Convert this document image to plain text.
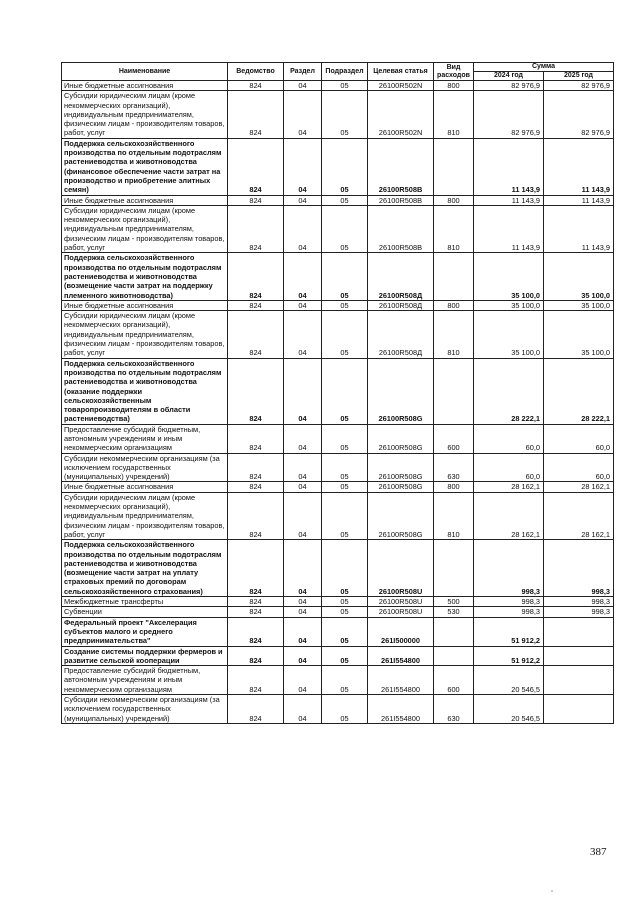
Наименование	Ведомство	Раздел	Подраздел	Целевая статья	Вид расходов	Сумма	
						2024 год	2025 год
Иные бюджетные ассигнования	824	04	05	26100R502N	800	82 976,9	82 976,9
Субсидии юридическим лицам (кроме некоммерческих организаций), индивидуальным предпринимателям, физическим лицам - производителям товаров, работ, услуг	824	04	05	26100R502N	810	82 976,9	82 976,9
Поддержка сельскохозяйственного производства по отдельным подотраслям растениеводства и животноводства (финансовое обеспечение части затрат на производство и приобретение элитных семян)	824	04	05	26100R508B		11 143,9	11 143,9
Иные бюджетные ассигнования	824	04	05	26100R508B	800	11 143,9	11 143,9
Субсидии юридическим лицам (кроме некоммерческих организаций), индивидуальным предпринимателям, физическим лицам - производителям товаров, работ, услуг	824	04	05	26100R508B	810	11 143,9	11 143,9
Поддержка сельскохозяйственного производства по отдельным подотраслям растениеводства и животноводства (возмещение части затрат на поддержку племенного животноводства)	824	04	05	26100R508Д		35 100,0	35 100,0
Иные бюджетные ассигнования	824	04	05	26100R508Д	800	35 100,0	35 100,0
Субсидии юридическим лицам (кроме некоммерческих организаций), индивидуальным предпринимателям, физическим лицам - производителям товаров, работ, услуг	824	04	05	26100R508Д	810	35 100,0	35 100,0
Поддержка сельскохозяйственного производства по отдельным подотраслям растениеводства и животноводства (оказание поддержки сельскохозяйственным товаропроизводителям в области растениеводства)	824	04	05	26100R508G		28 222,1	28 222,1
Предоставление субсидий бюджетным, автономным учреждениям и иным некоммерческим организациям	824	04	05	26100R508G	600	60,0	60,0
Субсидии некоммерческим организациям (за исключением государственных (муниципальных) учреждений)	824	04	05	26100R508G	630	60,0	60,0
Иные бюджетные ассигнования	824	04	05	26100R508G	800	28 162,1	28 162,1
Субсидии юридическим лицам (кроме некоммерческих организаций), индивидуальным предпринимателям, физическим лицам - производителям товаров, работ, услуг	824	04	05	26100R508G	810	28 162,1	28 162,1
Поддержка сельскохозяйственного производства по отдельным подотраслям растениеводства и животноводства (возмещение части затрат на уплату страховых премий по договорам сельскохозяйственного страхования)	824	04	05	26100R508U		998,3	998,3
Межбюджетные трансферты	824	04	05	26100R508U	500	998,3	998,3
Субвенции	824	04	05	26100R508U	530	998,3	998,3
Федеральный проект "Акселерация субъектов малого и среднего предпринимательства"	824	04	05	261I500000		51 912,2	
Создание системы поддержки фермеров и развитие сельской кооперации	824	04	05	261I554800		51 912,2	
Предоставление субсидий бюджетным, автономным учреждениям и иным некоммерческим организациям	824	04	05	261I554800	600	20 546,5	
Субсидии некоммерческим организациям (за исключением государственных (муниципальных) учреждений)	824	04	05	261I554800	630	20 546,5	
387
